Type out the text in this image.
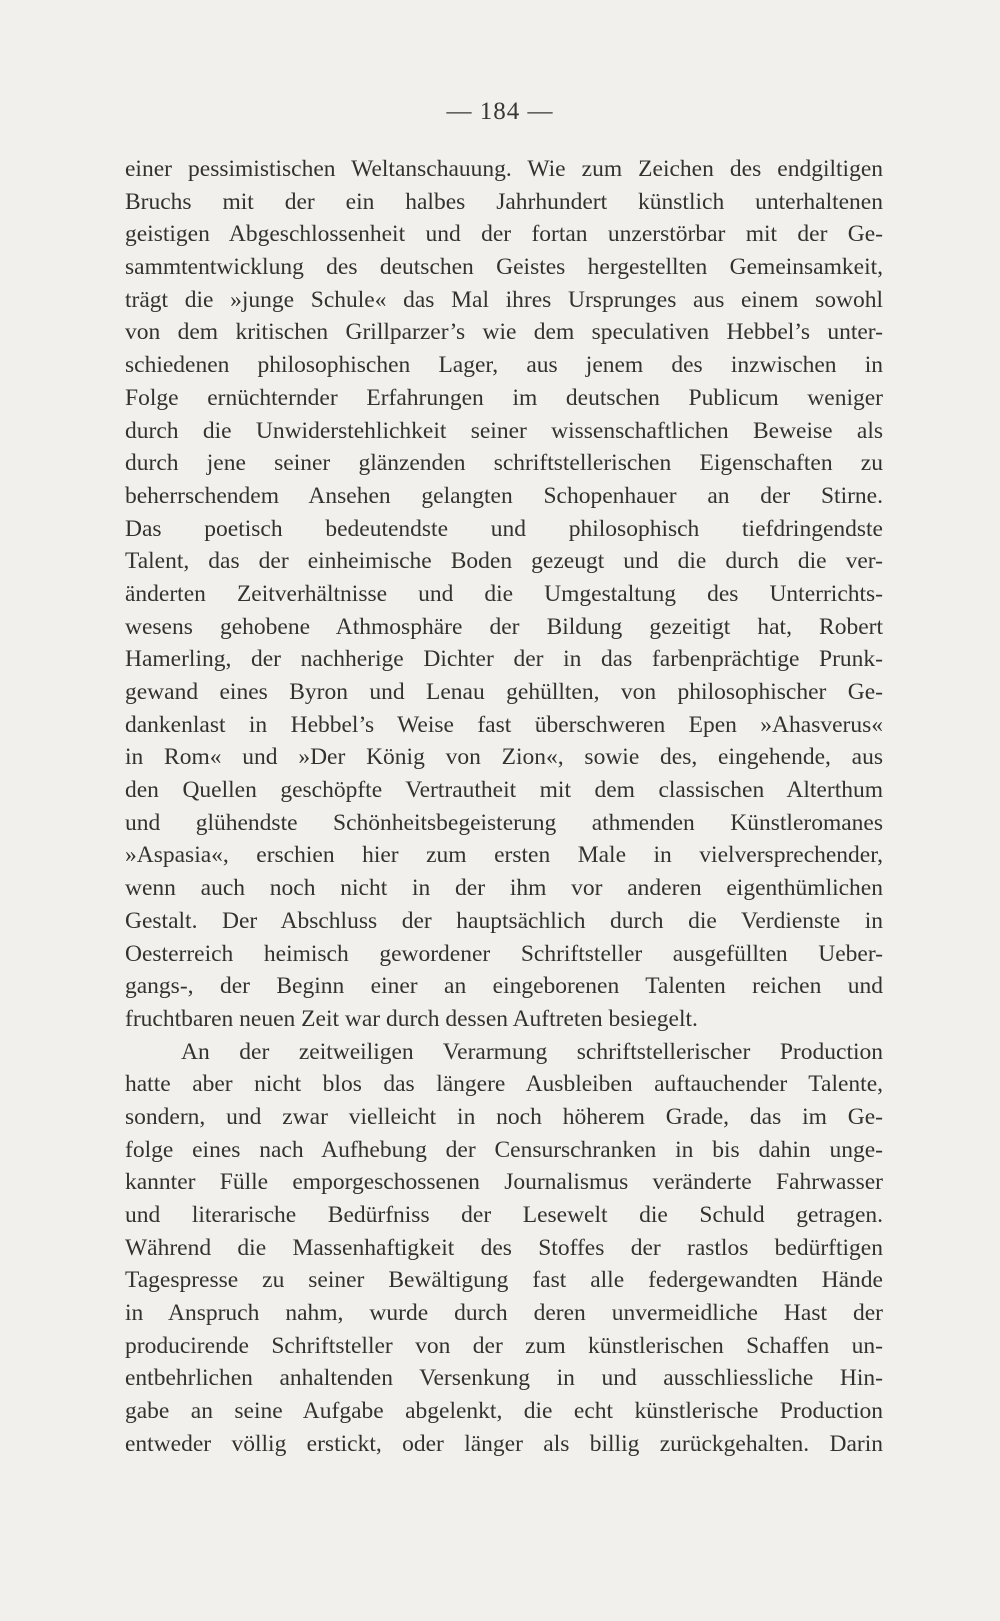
— 184 —
einer pessimistischen Weltanschauung. Wie zum Zeichen des endgiltigen
Bruchs mit der ein halbes Jahrhundert künstlich unterhaltenen
geistigen Abgeschlossenheit und der fortan unzerstörbar mit der Ge-
sammtentwicklung des deutschen Geistes hergestellten Gemeinsamkeit,
trägt die »junge Schule« das Mal ihres Ursprunges aus einem sowohl
von dem kritischen Grillparzer’s wie dem speculativen Hebbel’s unter-
schiedenen philosophischen Lager, aus jenem des inzwischen in
Folge ernüchternder Erfahrungen im deutschen Publicum weniger
durch die Unwiderstehlichkeit seiner wissenschaftlichen Beweise als
durch jene seiner glänzenden schriftstellerischen Eigenschaften zu
beherrschendem Ansehen gelangten Schopenhauer an der Stirne.
Das poetisch bedeutendste und philosophisch tiefdringendste
Talent, das der einheimische Boden gezeugt und die durch die ver-
änderten Zeitverhältnisse und die Umgestaltung des Unterrichts-
wesens gehobene Athmosphäre der Bildung gezeitigt hat, Robert
Hamerling, der nachherige Dichter der in das farbenprächtige Prunk-
gewand eines Byron und Lenau gehüllten, von philosophischer Ge-
dankenlast in Hebbel’s Weise fast überschweren Epen »Ahasverus«
in Rom« und »Der König von Zion«, sowie des, eingehende, aus
den Quellen geschöpfte Vertrautheit mit dem classischen Alterthum
und glühendste Schönheitsbegeisterung athmenden Künstleromanes
»Aspasia«, erschien hier zum ersten Male in vielversprechender,
wenn auch noch nicht in der ihm vor anderen eigenthümlichen
Gestalt. Der Abschluss der hauptsächlich durch die Verdienste in
Oesterreich heimisch gewordener Schriftsteller ausgefüllten Ueber-
gangs-, der Beginn einer an eingeborenen Talenten reichen und
fruchtbaren neuen Zeit war durch dessen Auftreten besiegelt.
An der zeitweiligen Verarmung schriftstellerischer Production
hatte aber nicht blos das längere Ausbleiben auftauchender Talente,
sondern, und zwar vielleicht in noch höherem Grade, das im Ge-
folge eines nach Aufhebung der Censurschranken in bis dahin unge-
kannter Fülle emporgeschossenen Journalismus veränderte Fahrwasser
und literarische Bedürfniss der Lesewelt die Schuld getragen.
Während die Massenhaftigkeit des Stoffes der rastlos bedürftigen
Tagespresse zu seiner Bewältigung fast alle federgewandten Hände
in Anspruch nahm, wurde durch deren unvermeidliche Hast der
producirende Schriftsteller von der zum künstlerischen Schaffen un-
entbehrlichen anhaltenden Versenkung in und ausschliessliche Hin-
gabe an seine Aufgabe abgelenkt, die echt künstlerische Production
entweder völlig erstickt, oder länger als billig zurückgehalten. Darin
